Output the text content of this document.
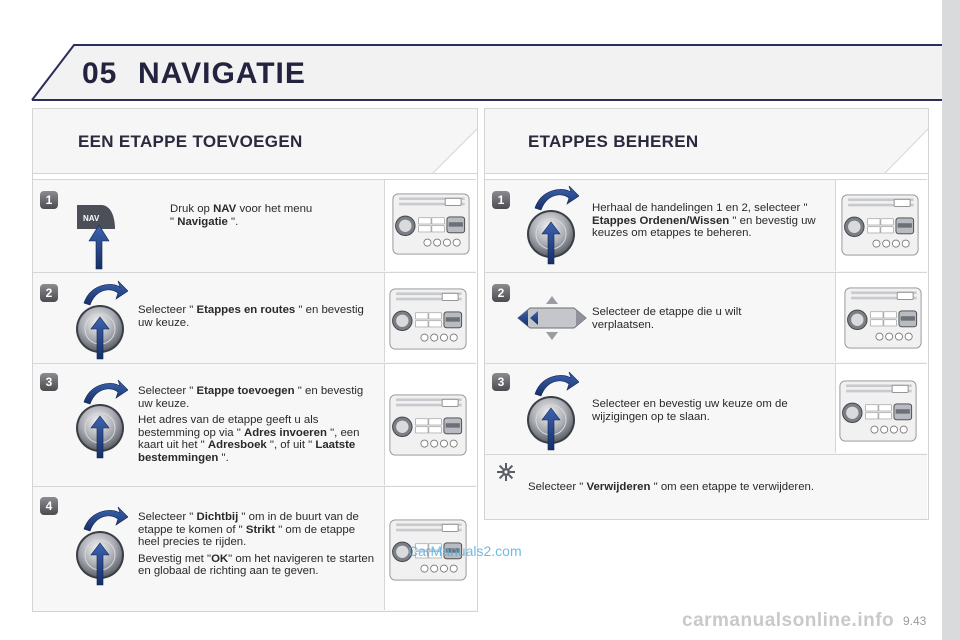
05 NAVIGATIE
EEN ETAPPE TOEVOEGEN
1
NAV
Druk op NAV voor het menu
" Navigatie ".
2
Selecteer " Etappes en routes " en bevestig uw keuze.
3

Selecteer " Etappe toevoegen " en bevestig uw keuze.

Het adres van de etappe geeft u als bestemming op via " Adres invoeren ", een kaart uit het " Adresboek ", of uit " Laatste bestemmingen ".

4

Selecteer " Dichtbij " om in de buurt van de etappe te komen of " Strikt " om de etappe heel precies te rijden.

Bevestig met "OK" om het navigeren te starten en globaal de richting aan te geven.

ETAPPES BEHEREN
1
Herhaal de handelingen 1 en 2, selecteer " Etappes Ordenen/Wissen " en bevestig uw keuzes om etappes te beheren.
2
Selecteer de etappe die u wilt verplaatsen.
3
Selecteer en bevestig uw keuze om de wijzigingen op te slaan.
Selecteer " Verwijderen " om een etappe te verwijderen.
CarManuals2.com
carmanualsonline.info 9.43
